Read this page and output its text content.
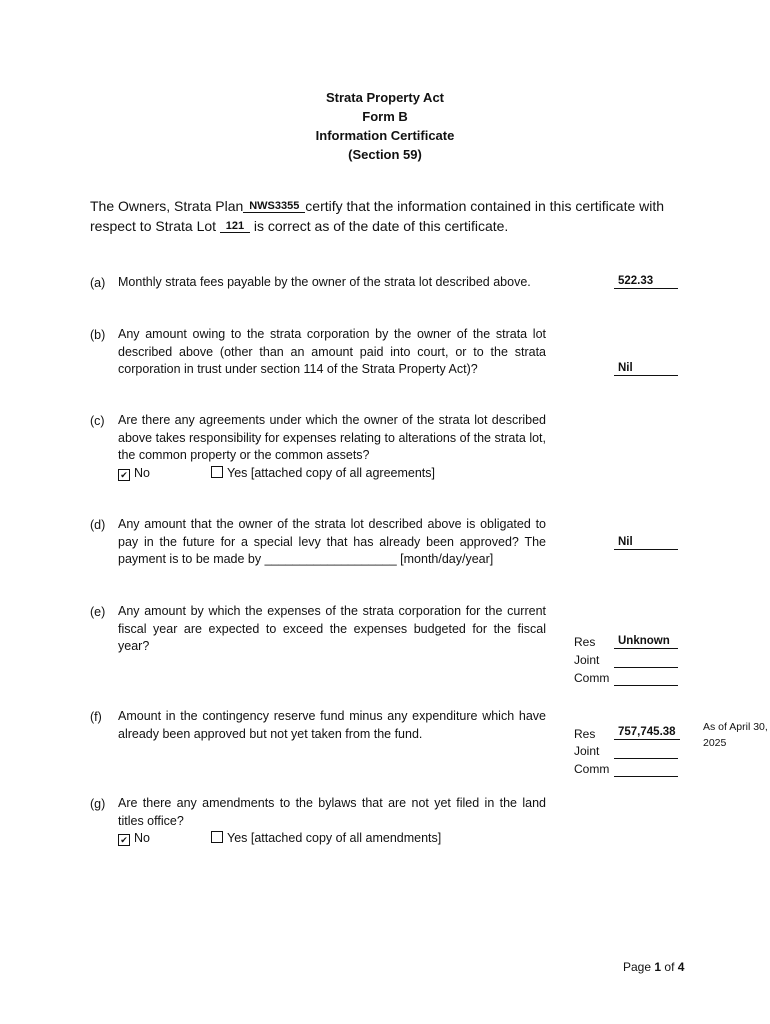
Strata Property Act
Form B
Information Certificate
(Section 59)
The Owners, Strata Plan NWS3355 certify that the information contained in this certificate with
respect to Strata Lot 121 is correct as of the date of this certificate.
(a) Monthly strata fees payable by the owner of the strata lot described above.	522.33
(b) Any amount owing to the strata corporation by the owner of the strata lot described above (other than an amount paid into court, or to the strata corporation in trust under section 114 of the Strata Property Act)?	Nil
(c) Are there any agreements under which the owner of the strata lot described above takes responsibility for expenses relating to alterations of the strata lot, the common property or the common assets?
✔ No	Yes [attached copy of all agreements]
(d) Any amount that the owner of the strata lot described above is obligated to pay in the future for a special levy that has already been approved? The payment is to be made by ___________________ [month/day/year]
Nil
(e) Any amount by which the expenses of the strata corporation for the current fiscal year are expected to exceed the expenses budgeted for the fiscal year?	Res	Unknown
Joint
Comm
(f) Amount in the contingency reserve fund minus any expenditure which have already been approved but not yet taken from the fund.	Res	757,745.38
Joint
Comm
As of April 30,
2025
(g) Are there any amendments to the bylaws that are not yet filed in the land titles office?
✔ No	Yes [attached copy of all amendments]
Page 1 of 4
